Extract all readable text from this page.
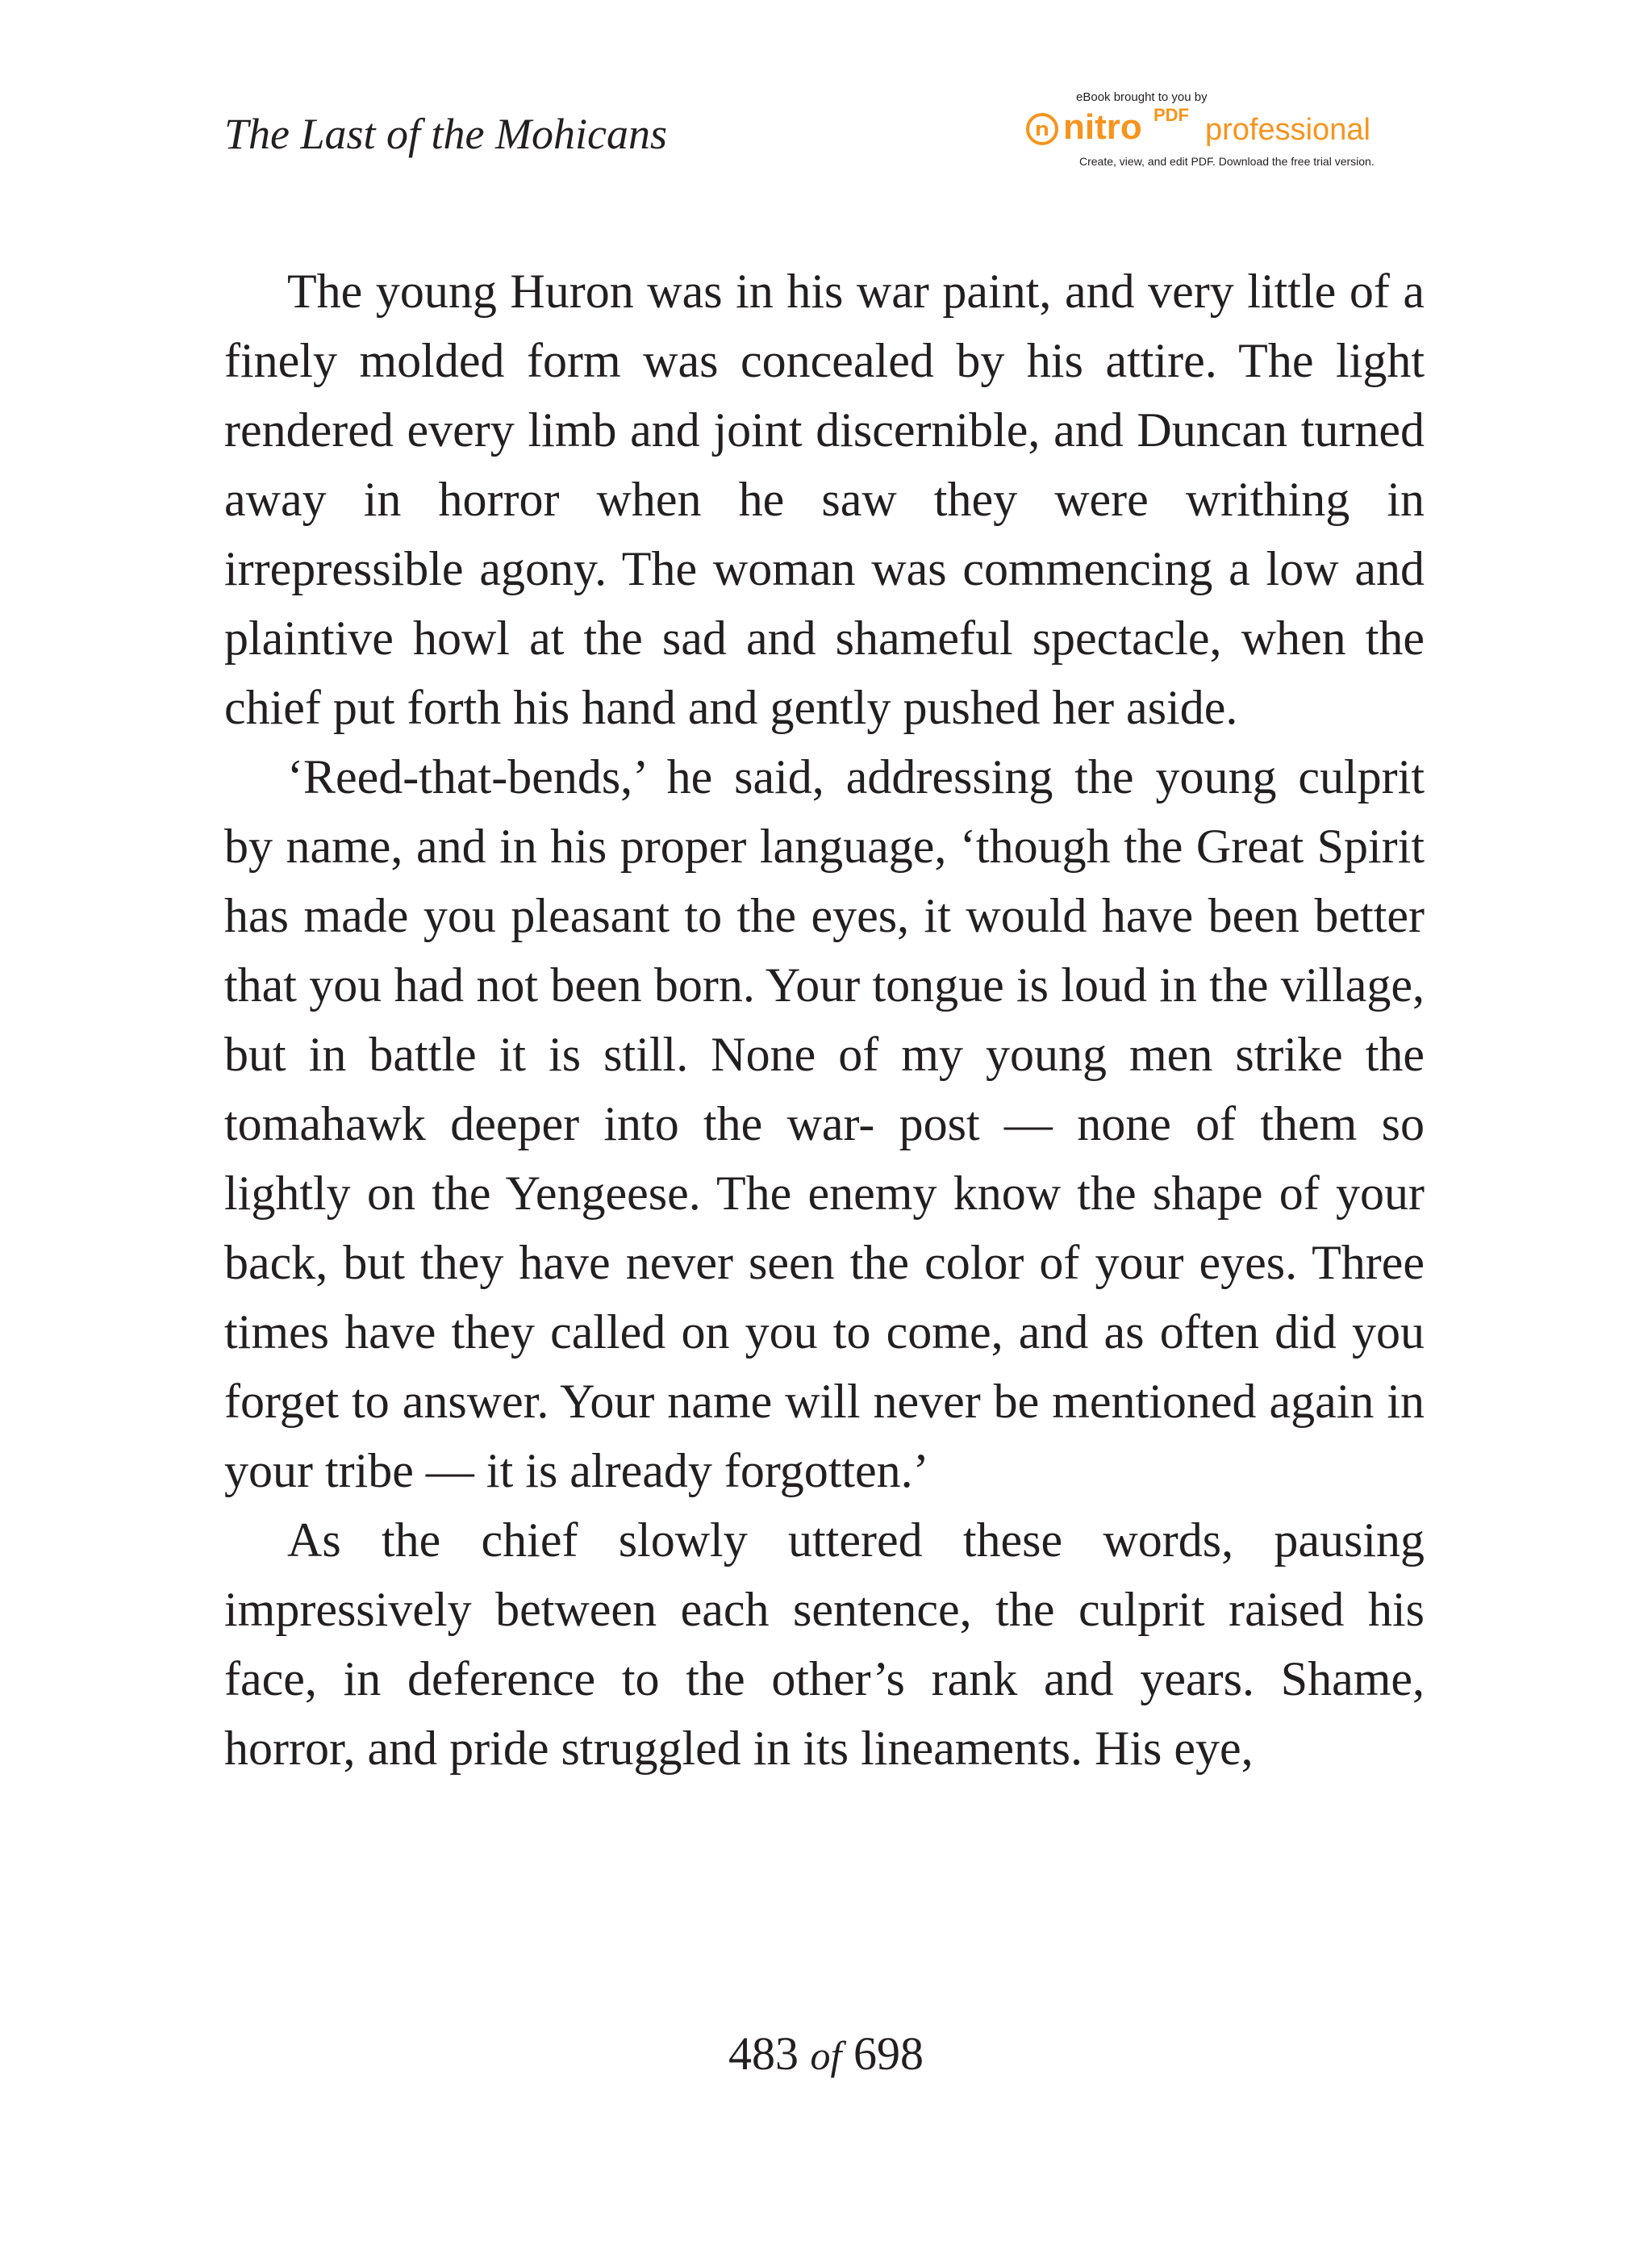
The Last of the Mohicans
eBook brought to you by
nitro PDF professional
Create, view, and edit PDF. Download the free trial version.

The young Huron was in his war paint, and very little of a finely molded form was concealed by his attire. The light rendered every limb and joint discernible, and Duncan turned away in horror when he saw they were writhing in irrepressible agony. The woman was commencing a low and plaintive howl at the sad and shameful spectacle, when the chief put forth his hand and gently pushed her aside.

‘Reed-that-bends,’ he said, addressing the young culprit by name, and in his proper language, ‘though the Great Spirit has made you pleasant to the eyes, it would have been better that you had not been born. Your tongue is loud in the village, but in battle it is still. None of my young men strike the tomahawk deeper into the war- post — none of them so lightly on the Yengeese. The enemy know the shape of your back, but they have never seen the color of your eyes. Three times have they called on you to come, and as often did you forget to answer. Your name will never be mentioned again in your tribe — it is already forgotten.’

As the chief slowly uttered these words, pausing impressively between each sentence, the culprit raised his face, in deference to the other’s rank and years. Shame, horror, and pride struggled in its lineaments. His eye,

483 of 698
